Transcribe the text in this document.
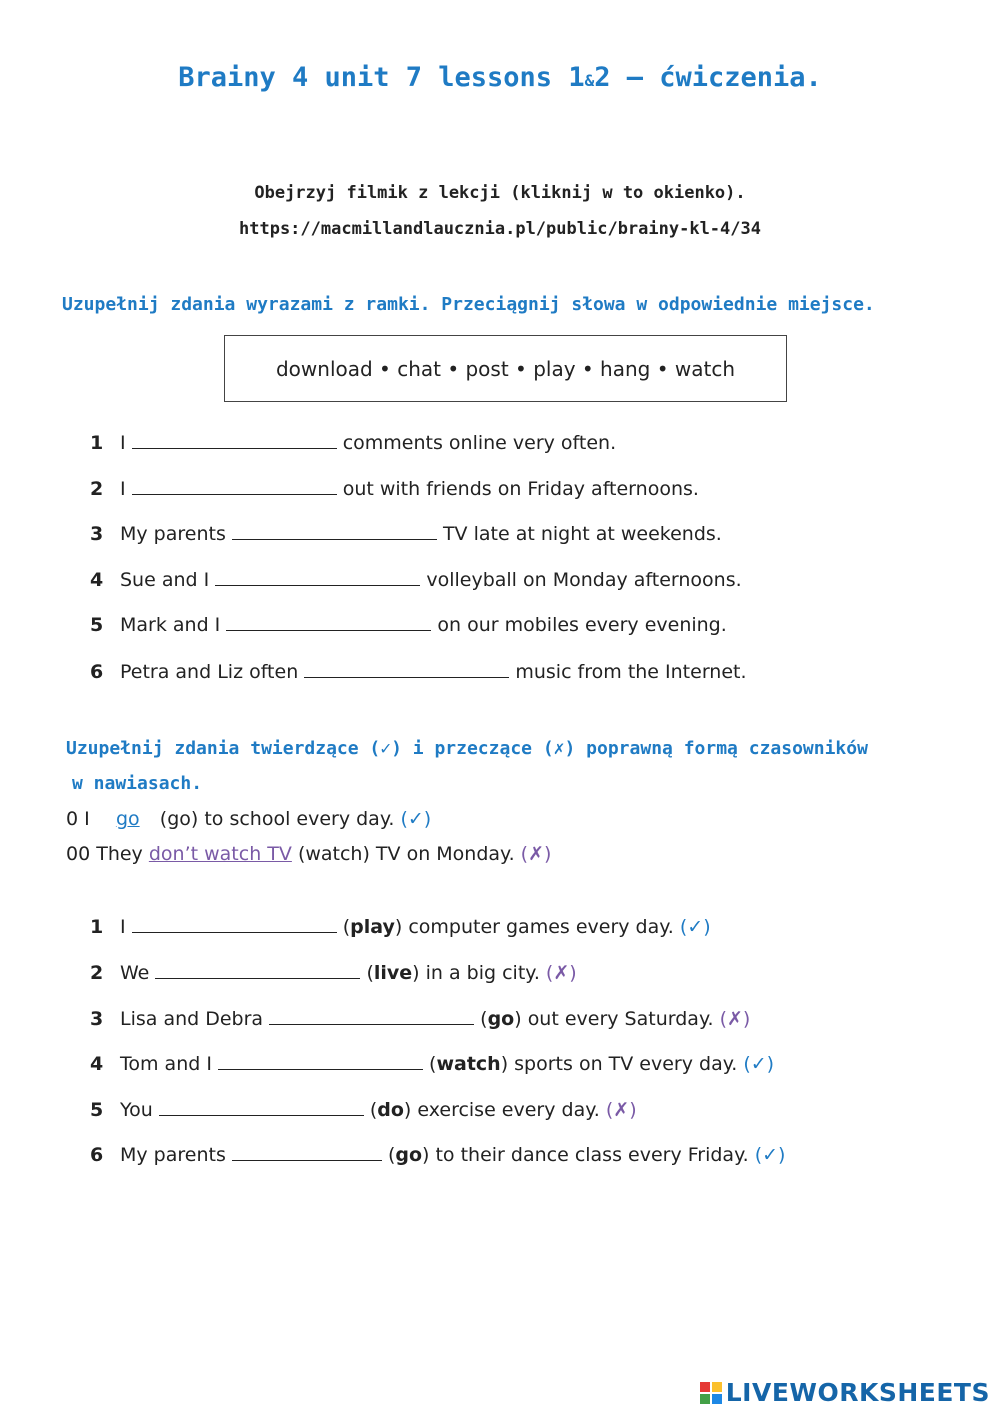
Brainy 4 unit 7 lessons 1&2 – ćwiczenia.
Obejrzyj filmik z lekcji (kliknij w to okienko).
https://macmillandlaucznia.pl/public/brainy-kl-4/34
Uzupełnij zdania wyrazami z ramki. Przeciągnij słowa w odpowiednie miejsce.
download • chat • post • play • hang • watch
1 I	comments online very often.
2 I	out with friends on Friday afternoons.
3 My parents	TV late at night at weekends.
4 Sue and I	volleyball on Monday afternoons.
5 Mark and I	on our mobiles every evening.
6 Petra and Liz often	music from the Internet.
Uzupełnij zdania twierdzące (✓) i przeczące (✗) poprawną formą czasowników
w nawiasach.
0 I go (go) to school every day. (✓)
00 They don’t watch TV (watch) TV on Monday. (✗)
1 I	(play) computer games every day. (✓)
2 We	(live) in a big city. (✗)
3 Lisa and Debra	(go) out every Saturday. (✗)
4 Tom and I	(watch) sports on TV every day. (✓)
5 You	(do) exercise every day. (✗)
6 My parents	(go) to their dance class every Friday. (✓)
LIVEWORKSHEETS
